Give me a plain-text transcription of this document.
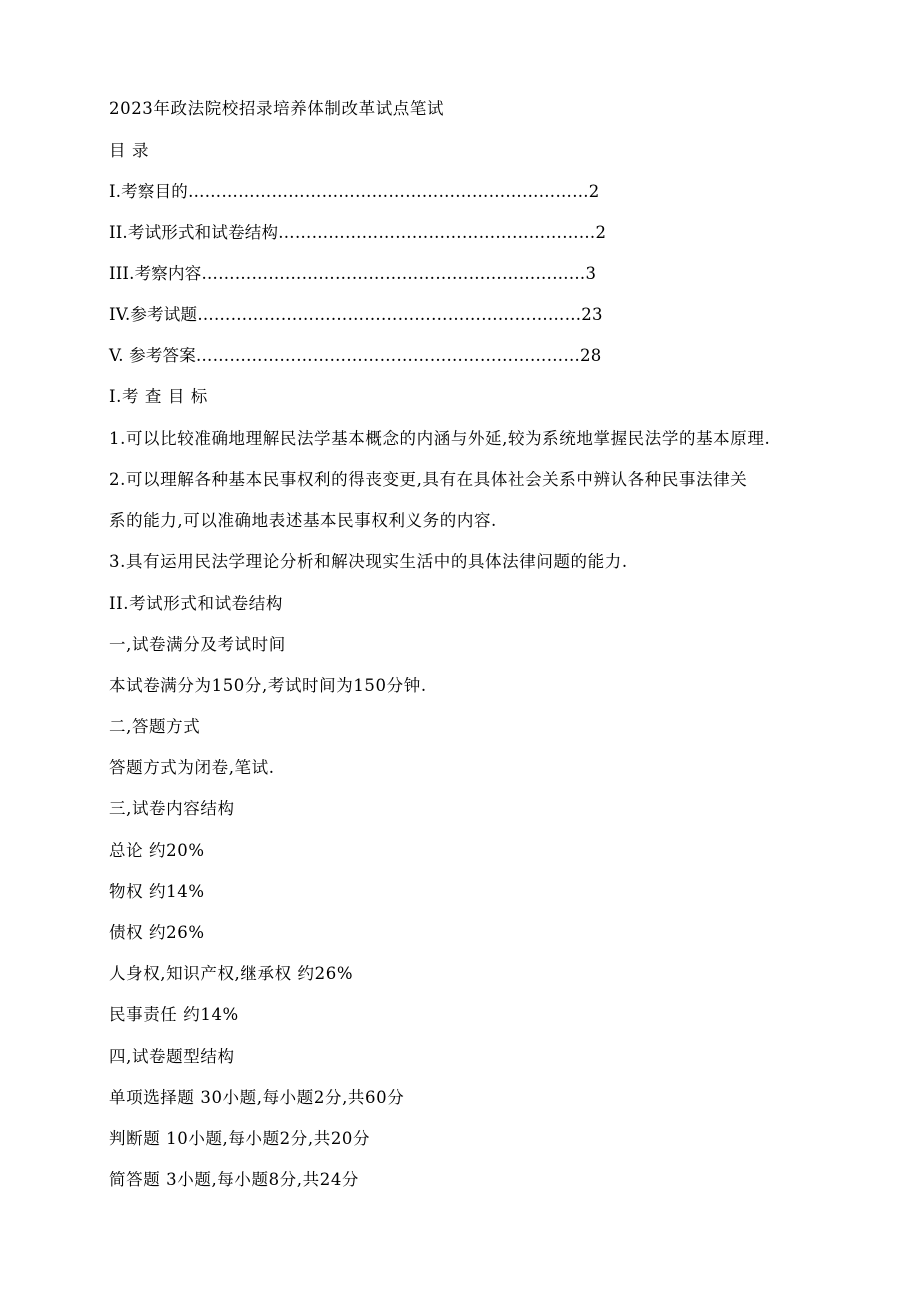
2023年政法院校招录培养体制改革试点笔试
目 录
I.考察目的………………………………………………………………2
II.考试形式和试卷结构…………………………………………………2
III.考察内容……………………………………………………………3
IV.参考试题……………………………………………………………23
V. 参考答案……………………………………………………………28
I.考 查 目 标
1.可以比较准确地理解民法学基本概念的内涵与外延,较为系统地掌握民法学的基本原理.
2.可以理解各种基本民事权利的得丧变更,具有在具体社会关系中辨认各种民事法律关
系的能力,可以准确地表述基本民事权利义务的内容.
3.具有运用民法学理论分析和解决现实生活中的具体法律问题的能力.
II.考试形式和试卷结构
一,试卷满分及考试时间
本试卷满分为150分,考试时间为150分钟.
二,答题方式
答题方式为闭卷,笔试.
三,试卷内容结构
总论 约20%
物权 约14%
债权 约26%
人身权,知识产权,继承权 约26%
民事责任 约14%
四,试卷题型结构
单项选择题 30小题,每小题2分,共60分
判断题 10小题,每小题2分,共20分
简答题 3小题,每小题8分,共24分
